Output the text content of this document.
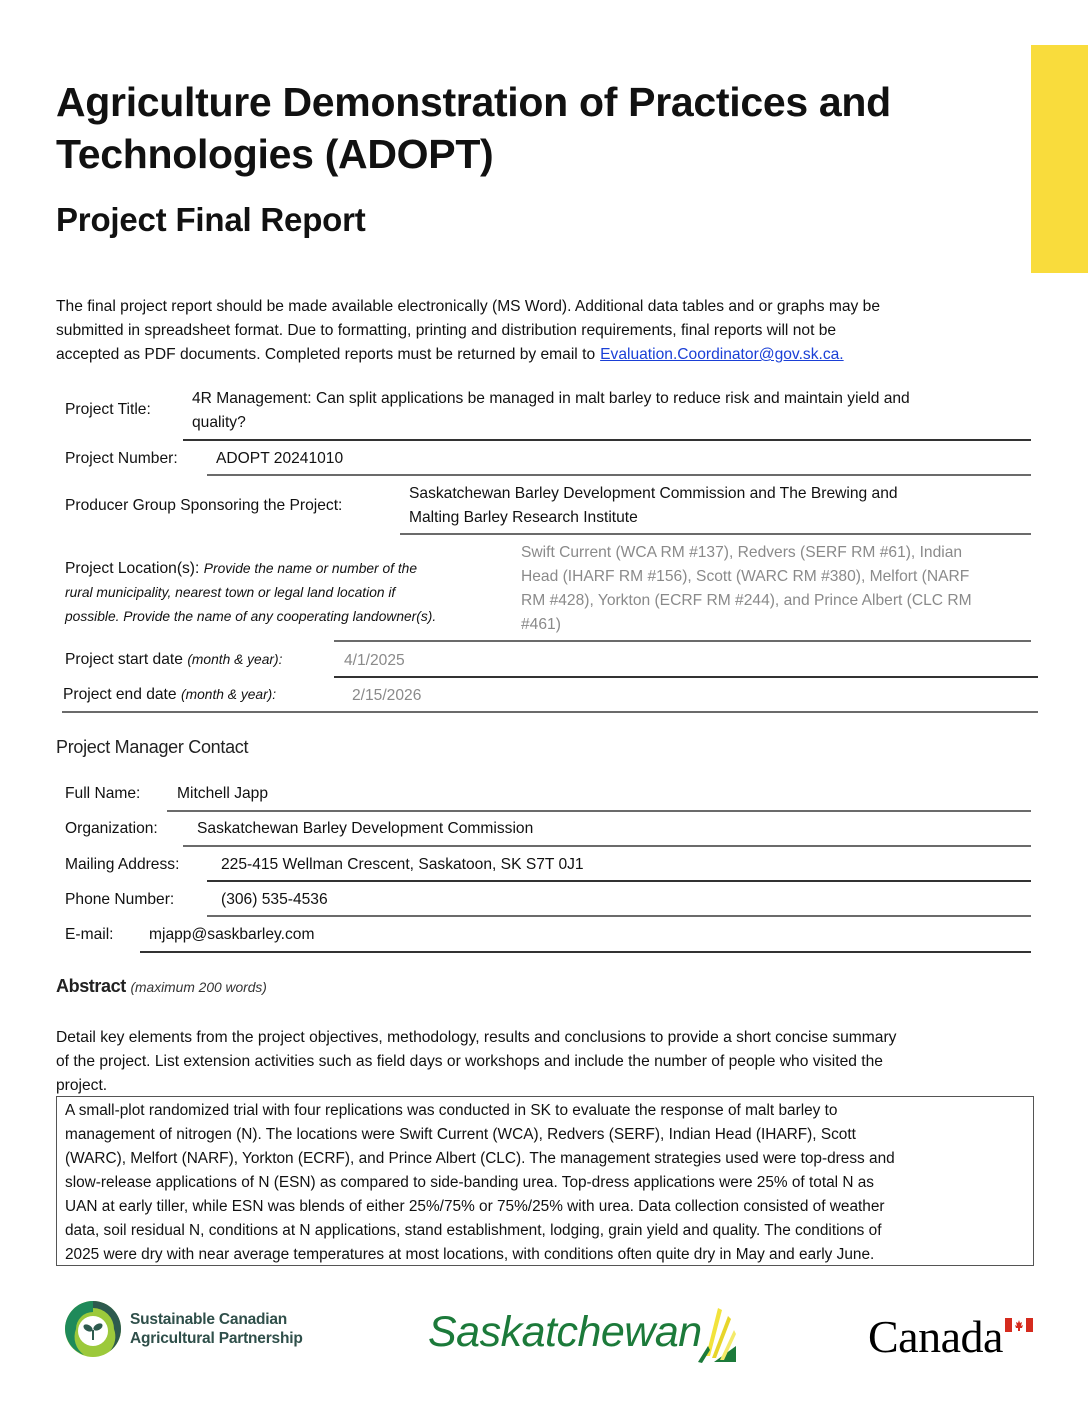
Agriculture Demonstration of Practices and
Technologies (ADOPT)
Project Final Report
The final project report should be made available electronically (MS Word). Additional data tables and or graphs may be
submitted in spreadsheet format. Due to formatting, printing and distribution requirements, final reports will not be
accepted as PDF documents. Completed reports must be returned by email to Evaluation.Coordinator@gov.sk.ca.
Project Title:
4R Management: Can split applications be managed in malt barley to reduce risk and maintain yield and
quality?
Project Number: ADOPT 20241010
Producer Group Sponsoring the Project:
Saskatchewan Barley Development Commission and The Brewing and
Malting Barley Research Institute
Project Location(s): Provide the name or number of the
rural municipality, nearest town or legal land location if
possible. Provide the name of any cooperating landowner(s).
Swift Current (WCA RM #137), Redvers (SERF RM #61), Indian
Head (IHARF RM #156), Scott (WARC RM #380), Melfort (NARF
RM #428), Yorkton (ECRF RM #244), and Prince Albert (CLC RM
#461)
Project start date (month & year):	4/1/2025
Project end date (month & year):	2/15/2026
Project Manager Contact
Full Name: Mitchell Japp
Organization:	Saskatchewan Barley Development Commission
Mailing Address:	225-415 Wellman Crescent, Saskatoon, SK S7T 0J1
Phone Number:	(306) 535-4536
E-mail: mjapp@saskbarley.com
Abstract (maximum 200 words)
Detail key elements from the project objectives, methodology, results and conclusions to provide a short concise summary
of the project. List extension activities such as field days or workshops and include the number of people who visited the
project.
A small-plot randomized trial with four replications was conducted in SK to evaluate the response of malt barley to
management of nitrogen (N). The locations were Swift Current (WCA), Redvers (SERF), Indian Head (IHARF), Scott
(WARC), Melfort (NARF), Yorkton (ECRF), and Prince Albert (CLC). The management strategies used were top-dress and
slow-release applications of N (ESN) as compared to side-banding urea. Top-dress applications were 25% of total N as
UAN at early tiller, while ESN was blends of either 25%/75% or 75%/25% with urea. Data collection consisted of weather
data, soil residual N, conditions at N applications, stand establishment, lodging, grain yield and quality. The conditions of
2025 were dry with near average temperatures at most locations, with conditions often quite dry in May and early June.
Sustainable Canadian
Agricultural Partnership	Saskatchewan	Canada
